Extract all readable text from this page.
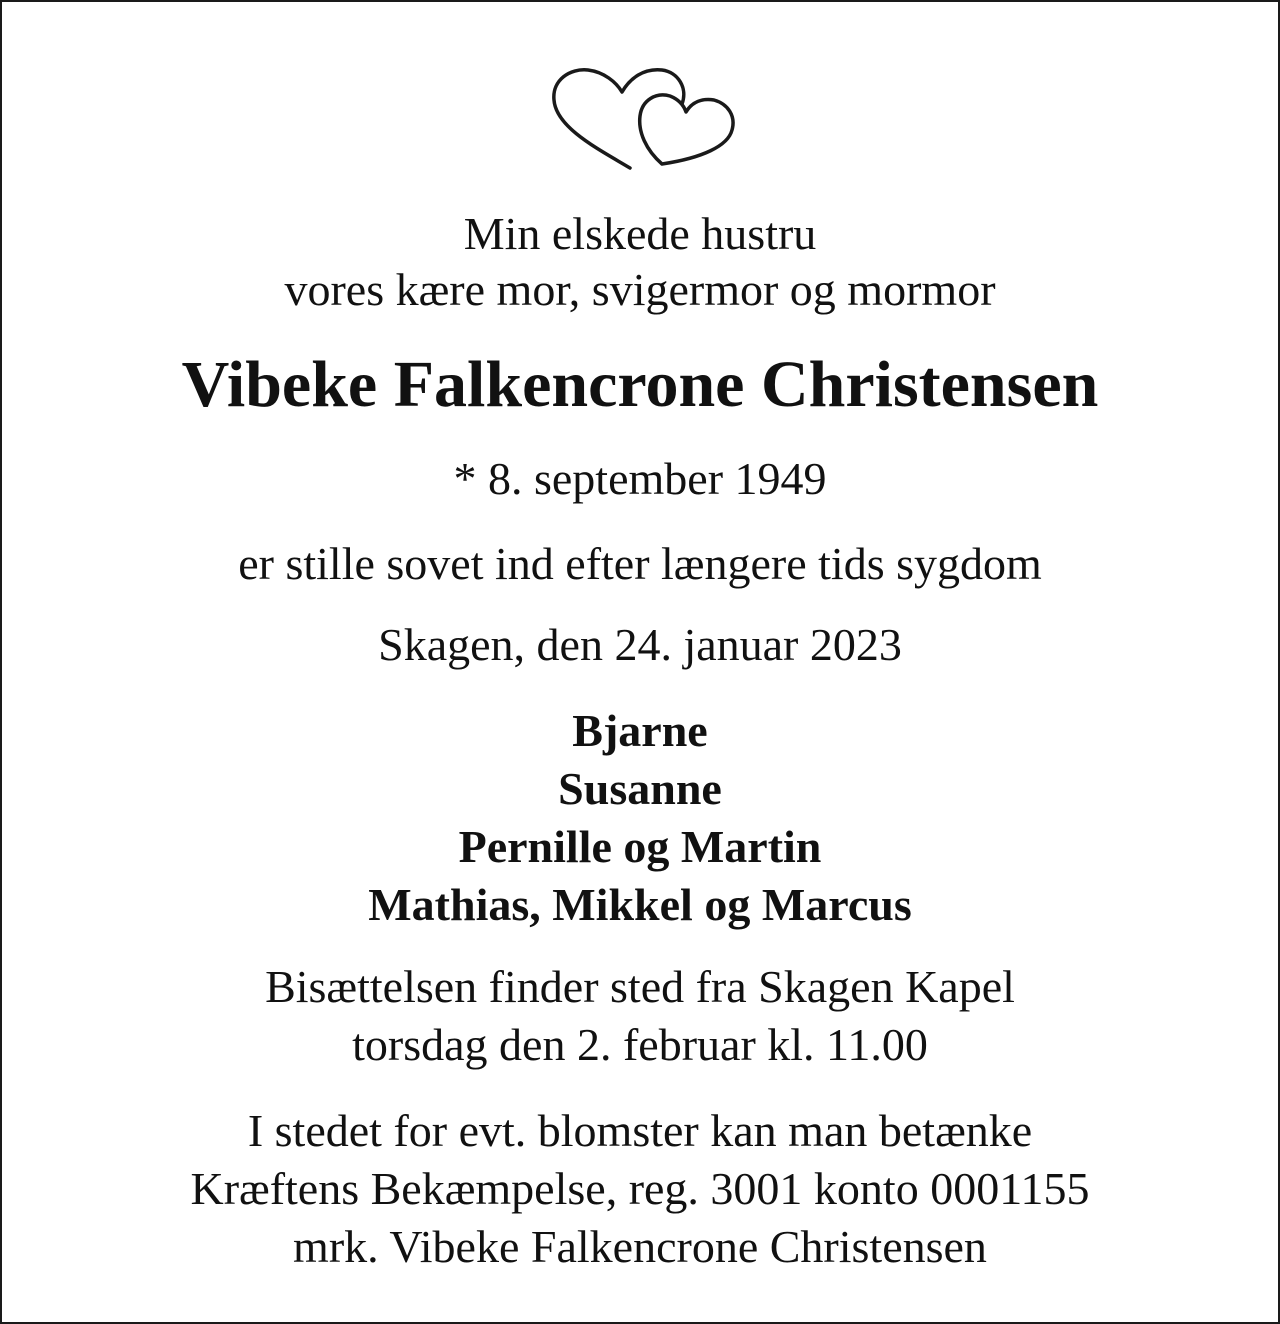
Min elskede hustru
vores kære mor, svigermor og mormor
Vibeke Falkencrone Christensen
* 8. september 1949
er stille sovet ind efter længere tids sygdom
Skagen, den 24. januar 2023
Bjarne
Susanne
Pernille og Martin
Mathias, Mikkel og Marcus
Bisættelsen finder sted fra Skagen Kapel
torsdag den 2. februar kl. 11.00
I stedet for evt. blomster kan man betænke
Kræftens Bekæmpelse, reg. 3001 konto 0001155
mrk. Vibeke Falkencrone Christensen
